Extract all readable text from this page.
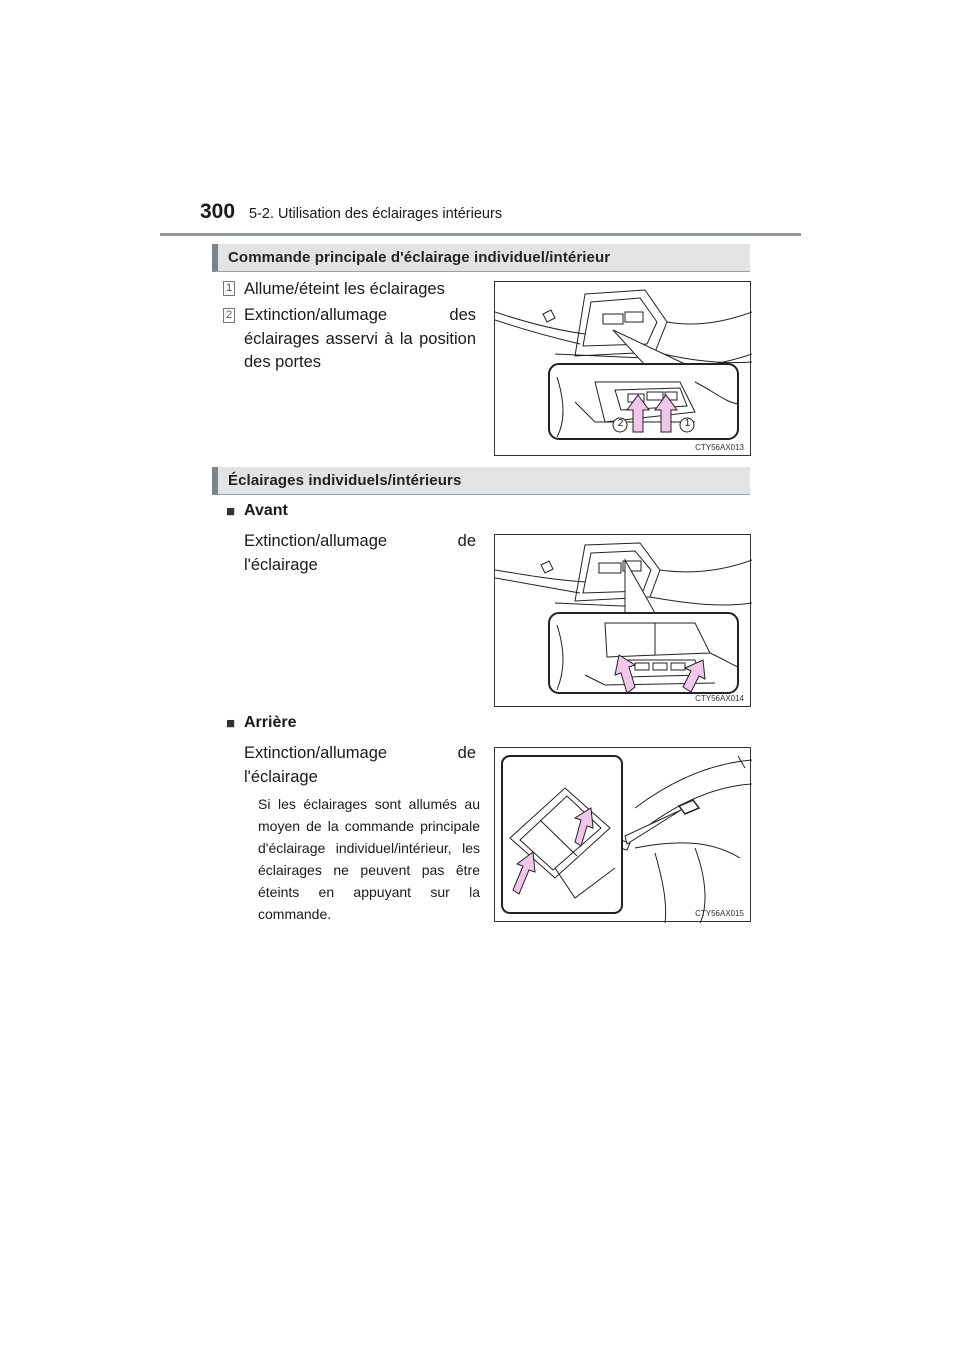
300 5-2. Utilisation des éclairages intérieurs
Commande principale d'éclairage individuel/intérieur
1 Allume/éteint les éclairages
2 Extinction/allumage des éclairages asservi à la position des portes
2	1
CTY56AX013
Éclairages individuels/intérieurs
■ Avant
Extinction/allumage de l'éclairage
CTY56AX014
■ Arrière
Extinction/allumage de l'éclairage
Si les éclairages sont allumés au moyen de la commande principale d'éclairage individuel/intérieur, les éclairages ne peuvent pas être éteints en appuyant sur la commande.	CTY56AX015
